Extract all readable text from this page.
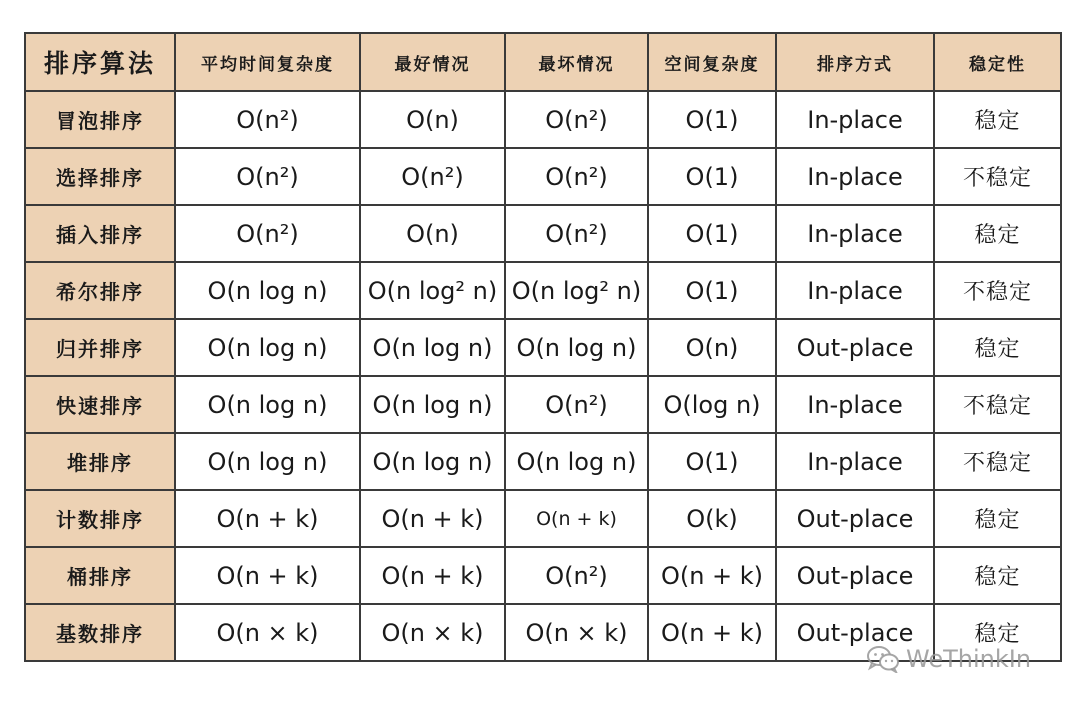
排序算法	平均时间复杂度	最好情况	最坏情况	空间复杂度	排序方式	稳定性
冒泡排序	O(n²)	O(n)	O(n²)	O(1)	In-place	稳定
选择排序	O(n²)	O(n²)	O(n²)	O(1)	In-place	不稳定
插入排序	O(n²)	O(n)	O(n²)	O(1)	In-place	稳定
希尔排序	O(n log n)	O(n log² n)	O(n log² n)	O(1)	In-place	不稳定
归并排序	O(n log n)	O(n log n)	O(n log n)	O(n)	Out-place	稳定
快速排序	O(n log n)	O(n log n)	O(n²)	O(log n)	In-place	不稳定
堆排序	O(n log n)	O(n log n)	O(n log n)	O(1)	In-place	不稳定
计数排序	O(n + k)	O(n + k)	O(n + k)	O(k)	Out-place	稳定
桶排序	O(n + k)	O(n + k)	O(n²)	O(n + k)	Out-place	稳定
基数排序	O(n × k)	O(n × k)	O(n × k)	O(n + k)	Out-place	稳定
WeThinkIn
